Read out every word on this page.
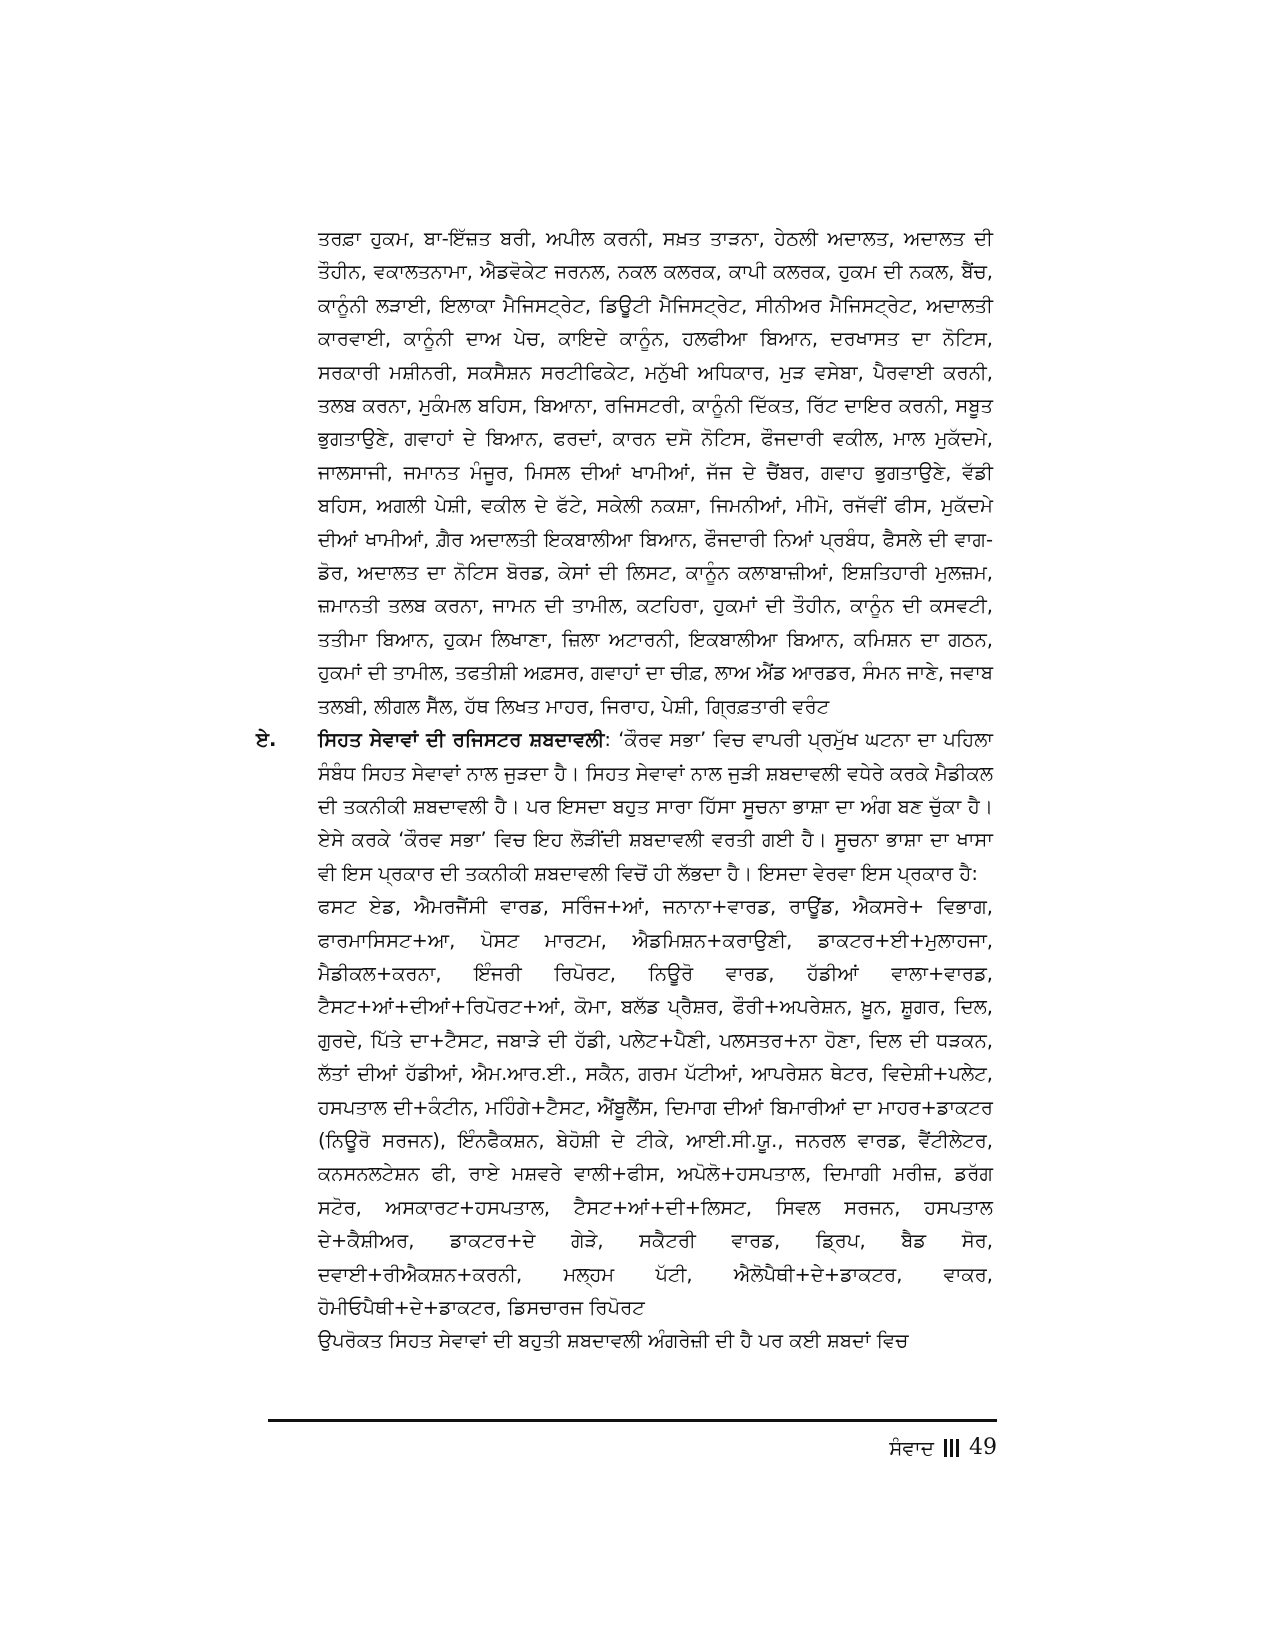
ਤਰਫ਼ਾ ਹੁਕਮ, ਬਾ-ਇੱਜ਼ਤ ਬਰੀ, ਅਪੀਲ ਕਰਨੀ, ਸਖ਼ਤ ਤਾੜਨਾ, ਹੇਠਲੀ ਅਦਾਲਤ, ਅਦਾਲਤ ਦੀ ਤੌਹੀਨ, ਵਕਾਲਤਨਾਮਾ, ਐਡਵੋਕੇਟ ਜਰਨਲ, ਨਕਲ ਕਲਰਕ, ਕਾਪੀ ਕਲਰਕ, ਹੁਕਮ ਦੀ ਨਕਲ, ਬੈਂਚ, ਕਾਨੂੰਨੀ ਲੜਾਈ, ਇਲਾਕਾ ਮੈਜਿਸਟ੍ਰੇਟ, ਡਿਊਟੀ ਮੈਜਿਸਟ੍ਰੇਟ, ਸੀਨੀਅਰ ਮੈਜਿਸਟ੍ਰੇਟ, ਅਦਾਲਤੀ ਕਾਰਵਾਈ, ਕਾਨੂੰਨੀ ਦਾਅ ਪੇਚ, ਕਾਇਦੇ ਕਾਨੂੰਨ, ਹਲਫੀਆ ਬਿਆਨ, ਦਰਖਾਸਤ ਦਾ ਨੋਟਿਸ, ਸਰਕਾਰੀ ਮਸ਼ੀਨਰੀ, ਸਕਸੈਸ਼ਨ ਸਰਟੀਫਿਕੇਟ, ਮਨੁੱਖੀ ਅਧਿਕਾਰ, ਮੁੜ ਵਸੇਬਾ, ਪੈਰਵਾਈ ਕਰਨੀ, ਤਲਬ ਕਰਨਾ, ਮੁਕੰਮਲ ਬਹਿਸ, ਬਿਆਨਾ, ਰਜਿਸਟਰੀ, ਕਾਨੂੰਨੀ ਦਿੱਕਤ, ਰਿੱਟ ਦਾਇਰ ਕਰਨੀ, ਸਬੂਤ ਭੁਗਤਾਉਣੇ, ਗਵਾਹਾਂ ਦੇ ਬਿਆਨ, ਫਰਦਾਂ, ਕਾਰਨ ਦਸੋ ਨੋਟਿਸ, ਫੌਜਦਾਰੀ ਵਕੀਲ, ਮਾਲ ਮੁਕੱਦਮੇ, ਜਾਲਸਾਜੀ, ਜਮਾਨਤ ਮੰਜੂਰ, ਮਿਸਲ ਦੀਆਂ ਖਾਮੀਆਂ, ਜੱਜ ਦੇ ਚੈਂਬਰ, ਗਵਾਹ ਭੁਗਤਾਉਣੇ, ਵੱਡੀ ਬਹਿਸ, ਅਗਲੀ ਪੇਸ਼ੀ, ਵਕੀਲ ਦੇ ਫੱਟੇ, ਸਕੇਲੀ ਨਕਸ਼ਾ, ਜਿਮਨੀਆਂ, ਮੀਮੋ, ਰਜੱਵੀਂ ਫੀਸ, ਮੁਕੱਦਮੇ ਦੀਆਂ ਖਾਮੀਆਂ, ਗ਼ੈਰ ਅਦਾਲਤੀ ਇਕਬਾਲੀਆ ਬਿਆਨ, ਫੌਜਦਾਰੀ ਨਿਆਂ ਪ੍ਰਬੰਧ, ਫੈਸਲੇ ਦੀ ਵਾਗ-ਡੋਰ, ਅਦਾਲਤ ਦਾ ਨੋਟਿਸ ਬੋਰਡ, ਕੇਸਾਂ ਦੀ ਲਿਸਟ, ਕਾਨੂੰਨ ਕਲਾਬਾਜ਼ੀਆਂ, ਇਸ਼ਤਿਹਾਰੀ ਮੁਲਜ਼ਮ, ਜ਼ਮਾਨਤੀ ਤਲਬ ਕਰਨਾ, ਜਾਮਨ ਦੀ ਤਾਮੀਲ, ਕਟਹਿਰਾ, ਹੁਕਮਾਂ ਦੀ ਤੌਹੀਨ, ਕਾਨੂੰਨ ਦੀ ਕਸਵਟੀ, ਤਤੀਮਾ ਬਿਆਨ, ਹੁਕਮ ਲਿਖਾਣਾ, ਜ਼ਿਲਾ ਅਟਾਰਨੀ, ਇਕਬਾਲੀਆ ਬਿਆਨ, ਕਮਿਸ਼ਨ ਦਾ ਗਠਨ, ਹੁਕਮਾਂ ਦੀ ਤਾਮੀਲ, ਤਫਤੀਸ਼ੀ ਅਫ਼ਸਰ, ਗਵਾਹਾਂ ਦਾ ਚੀਫ਼, ਲਾਅ ਐਂਡ ਆਰਡਰ, ਸੰਮਨ ਜਾਣੇ, ਜਵਾਬ ਤਲਬੀ, ਲੀਗਲ ਸੈੱਲ, ਹੱਥ ਲਿਖਤ ਮਾਹਰ, ਜਿਰਾਹ, ਪੇਸ਼ੀ, ਗ੍ਰਿਫ਼ਤਾਰੀ ਵਰੰਟ

ਏ. ਸਿਹਤ ਸੇਵਾਵਾਂ ਦੀ ਰਜਿਸਟਰ ਸ਼ਬਦਾਵਲੀ: ‘ਕੌਰਵ ਸਭਾ’ ਵਿਚ ਵਾਪਰੀ ਪ੍ਰਮੁੱਖ ਘਟਨਾ ਦਾ ਪਹਿਲਾ ਸੰਬੰਧ ਸਿਹਤ ਸੇਵਾਵਾਂ ਨਾਲ ਜੁੜਦਾ ਹੈ। ਸਿਹਤ ਸੇਵਾਵਾਂ ਨਾਲ ਜੁੜੀ ਸ਼ਬਦਾਵਲੀ ਵਧੇਰੇ ਕਰਕੇ ਮੈਡੀਕਲ ਦੀ ਤਕਨੀਕੀ ਸ਼ਬਦਾਵਲੀ ਹੈ। ਪਰ ਇਸਦਾ ਬਹੁਤ ਸਾਰਾ ਹਿੱਸਾ ਸੂਚਨਾ ਭਾਸ਼ਾ ਦਾ ਅੰਗ ਬਣ ਚੁੱਕਾ ਹੈ। ਏਸੇ ਕਰਕੇ ‘ਕੌਰਵ ਸਭਾ’ ਵਿਚ ਇਹ ਲੋੜੀਂਦੀ ਸ਼ਬਦਾਵਲੀ ਵਰਤੀ ਗਈ ਹੈ। ਸੂਚਨਾ ਭਾਸ਼ਾ ਦਾ ਖਾਸਾ ਵੀ ਇਸ ਪ੍ਰਕਾਰ ਦੀ ਤਕਨੀਕੀ ਸ਼ਬਦਾਵਲੀ ਵਿਚੋਂ ਹੀ ਲੱਭਦਾ ਹੈ। ਇਸਦਾ ਵੇਰਵਾ ਇਸ ਪ੍ਰਕਾਰ ਹੈ:

ਫਸਟ ਏਡ, ਐਮਰਜੈਂਸੀ ਵਾਰਡ, ਸਰਿੰਜ+ਆਂ, ਜਨਾਨਾ+ਵਾਰਡ, ਰਾਊਂਡ, ਐਕਸਰੇ+ ਵਿਭਾਗ, ਫਾਰਮਾਸਿਸਟ+ਆ, ਪੋਸਟ ਮਾਰਟਮ, ਐਡਮਿਸ਼ਨ+ਕਰਾਉਣੀ, ਡਾਕਟਰ+ਈ+ਮੁਲਾਹਜਾ, ਮੈਡੀਕਲ+ਕਰਨਾ, ਇੰਜਰੀ ਰਿਪੋਰਟ, ਨਿਊਰੋ ਵਾਰਡ, ਹੱਡੀਆਂ ਵਾਲਾ+ਵਾਰਡ, ਟੈਸਟ+ਆਂ+ਦੀਆਂ+ਰਿਪੋਰਟ+ਆਂ, ਕੋਮਾ, ਬਲੱਡ ਪ੍ਰੈਸ਼ਰ, ਫੌਰੀ+ਅਪਰੇਸ਼ਨ, ਖ਼ੂਨ, ਸ਼ੂਗਰ, ਦਿਲ, ਗੁਰਦੇ, ਪਿੱਤੇ ਦਾ+ਟੈਸਟ, ਜਬਾੜੇ ਦੀ ਹੱਡੀ, ਪਲੇਟ+ਪੈਣੀ, ਪਲਸਤਰ+ਨਾ ਹੋਣਾ, ਦਿਲ ਦੀ ਧੜਕਨ, ਲੱਤਾਂ ਦੀਆਂ ਹੱਡੀਆਂ, ਐਮ.ਆਰ.ਈ., ਸਕੈਨ, ਗਰਮ ਪੱਟੀਆਂ, ਆਪਰੇਸ਼ਨ ਥੇਟਰ, ਵਿਦੇਸ਼ੀ+ਪਲੇਟ, ਹਸਪਤਾਲ ਦੀ+ਕੰਟੀਨ, ਮਹਿੰਗੇ+ਟੈਸਟ, ਐਂਬੂਲੈਂਸ, ਦਿਮਾਗ ਦੀਆਂ ਬਿਮਾਰੀਆਂ ਦਾ ਮਾਹਰ+ਡਾਕਟਰ (ਨਿਊਰੋ ਸਰਜਨ), ਇੰਨਫੈਕਸ਼ਨ, ਬੇਹੋਸ਼ੀ ਦੇ ਟੀਕੇ, ਆਈ.ਸੀ.ਯੂ., ਜਨਰਲ ਵਾਰਡ, ਵੈਂਟੀਲੇਟਰ, ਕਨਸਨਲਟੇਸ਼ਨ ਫੀ, ਰਾਏ ਮਸ਼ਵਰੇ ਵਾਲੀ+ਫੀਸ, ਅਪੋਲੋ+ਹਸਪਤਾਲ, ਦਿਮਾਗੀ ਮਰੀਜ਼, ਡਰੱਗ ਸਟੋਰ, ਅਸਕਾਰਟ+ਹਸਪਤਾਲ, ਟੈਸਟ+ਆਂ+ਦੀ+ਲਿਸਟ, ਸਿਵਲ ਸਰਜਨ, ਹਸਪਤਾਲ ਦੇ+ਕੈਸ਼ੀਅਰ, ਡਾਕਟਰ+ਦੇ ਗੇੜੇ, ਸਕੈਟਰੀ ਵਾਰਡ, ਡ੍ਰਿਪ, ਬੈਡ ਸੋਰ, ਦਵਾਈ+ਰੀਐਕਸ਼ਨ+ਕਰਨੀ, ਮਲ੍ਹਮ ਪੱਟੀ, ਐਲੋਪੈਥੀ+ਦੇ+ਡਾਕਟਰ, ਵਾਕਰ, ਹੋਮੀਓਪੈਥੀ+ਦੇ+ਡਾਕਟਰ, ਡਿਸਚਾਰਜ ਰਿਪੋਰਟ

ਉਪਰੋਕਤ ਸਿਹਤ ਸੇਵਾਵਾਂ ਦੀ ਬਹੁਤੀ ਸ਼ਬਦਾਵਲੀ ਅੰਗਰੇਜ਼ੀ ਦੀ ਹੈ ਪਰ ਕਈ ਸ਼ਬਦਾਂ ਵਿਚ

ਸੰਵਾਦ 49
